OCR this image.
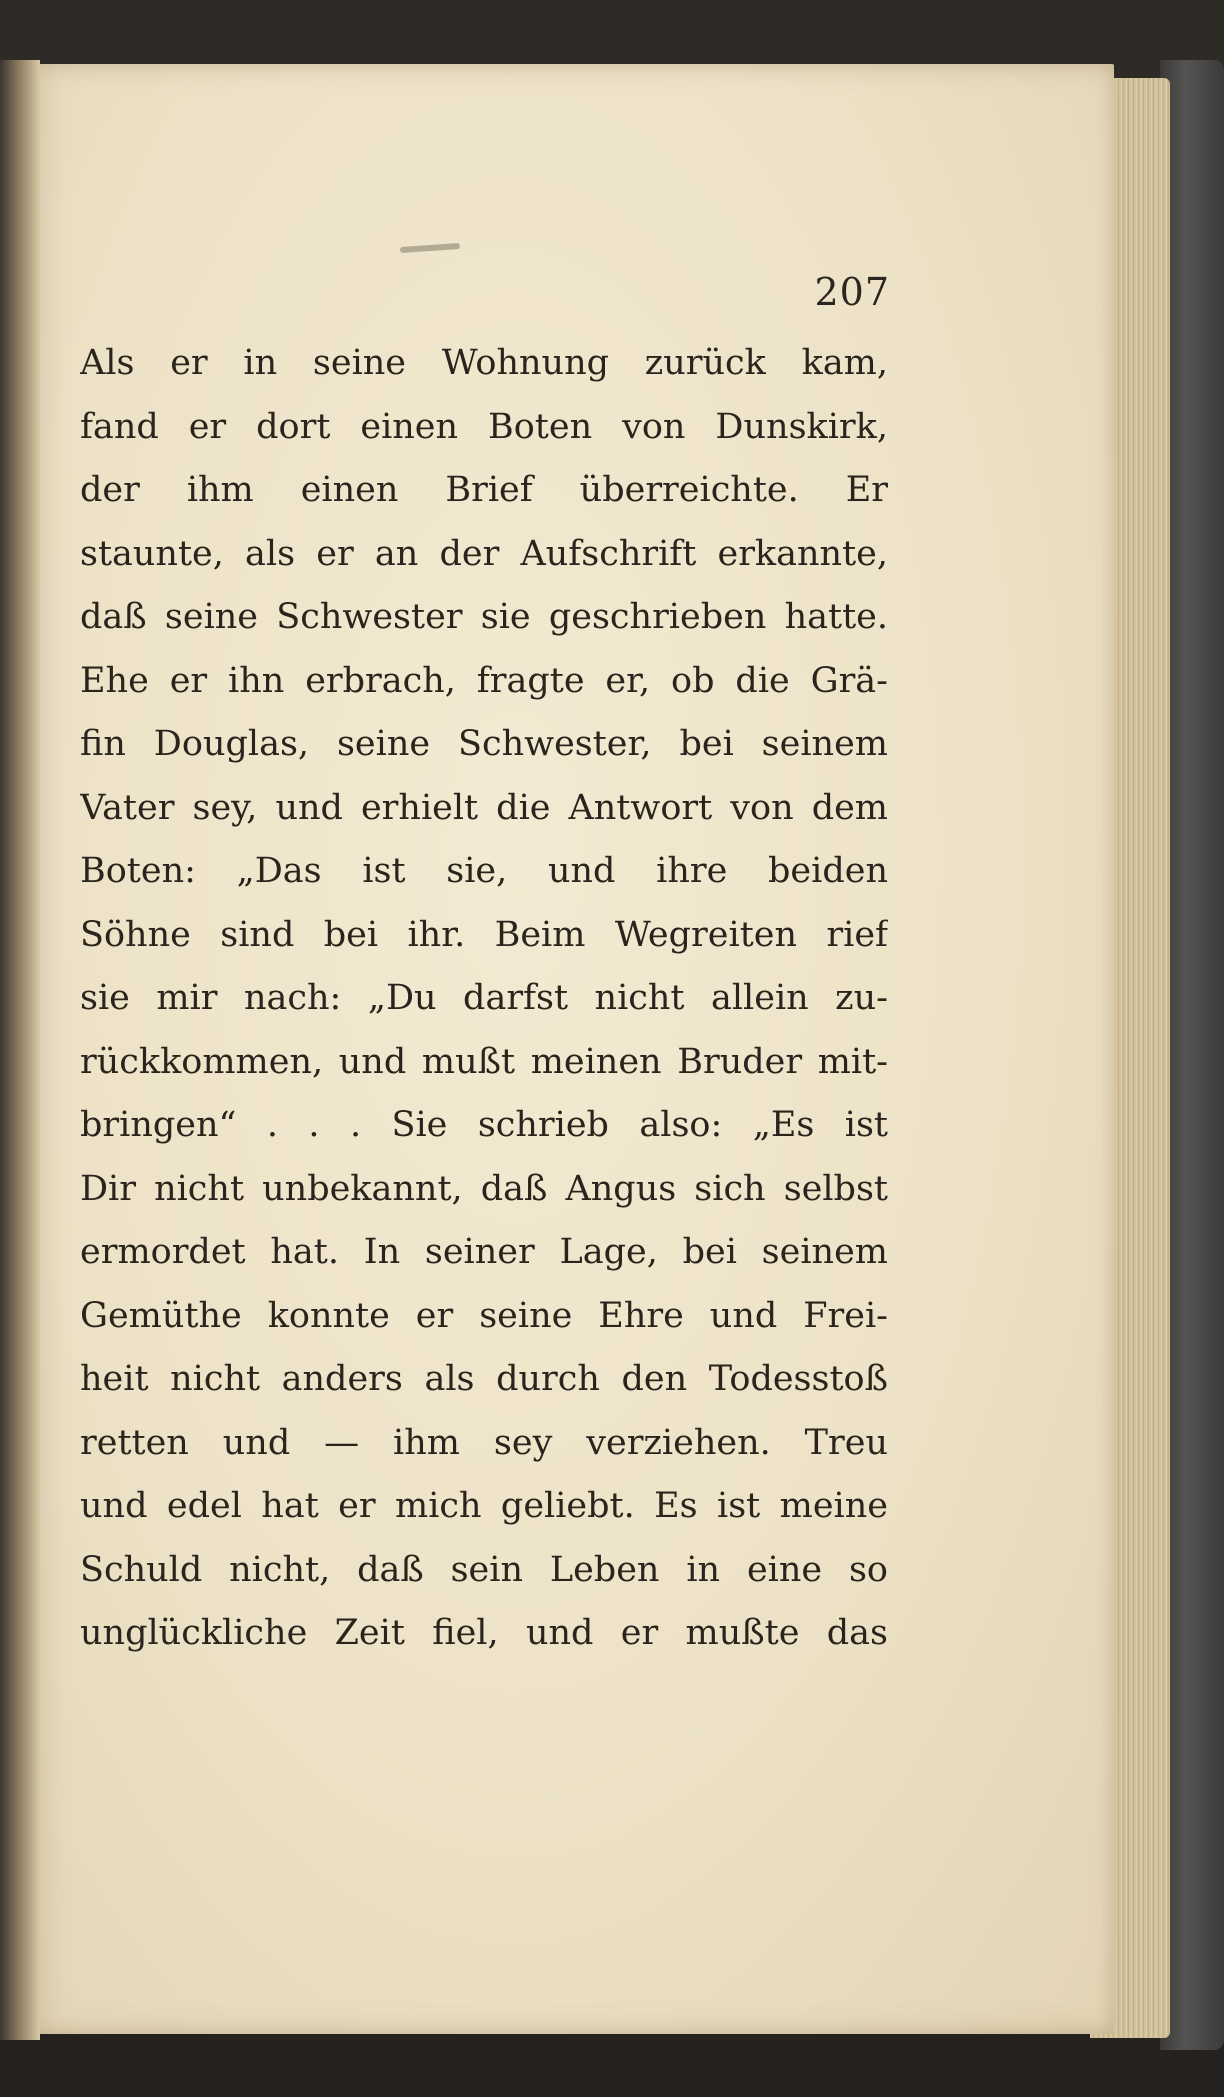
207
Als er in seine Wohnung zurück kam,
fand er dort einen Boten von Dunskirk,
der ihm einen Brief überreichte. Er
staunte, als er an der Aufschrift erkannte,
daß seine Schwester sie geschrieben hatte.
Ehe er ihn erbrach, fragte er, ob die Grä-
fin Douglas, seine Schwester, bei seinem
Vater sey, und erhielt die Antwort von dem
Boten: „Das ist sie, und ihre beiden
Söhne sind bei ihr. Beim Wegreiten rief
sie mir nach: „Du darfst nicht allein zu-
rückkommen, und mußt meinen Bruder mit-
bringen“ . . . Sie schrieb also: „Es ist
Dir nicht unbekannt, daß Angus sich selbst
ermordet hat. In seiner Lage, bei seinem
Gemüthe konnte er seine Ehre und Frei-
heit nicht anders als durch den Todesstoß
retten und — ihm sey verziehen. Treu
und edel hat er mich geliebt. Es ist meine
Schuld nicht, daß sein Leben in eine so
unglückliche Zeit fiel, und er mußte das
